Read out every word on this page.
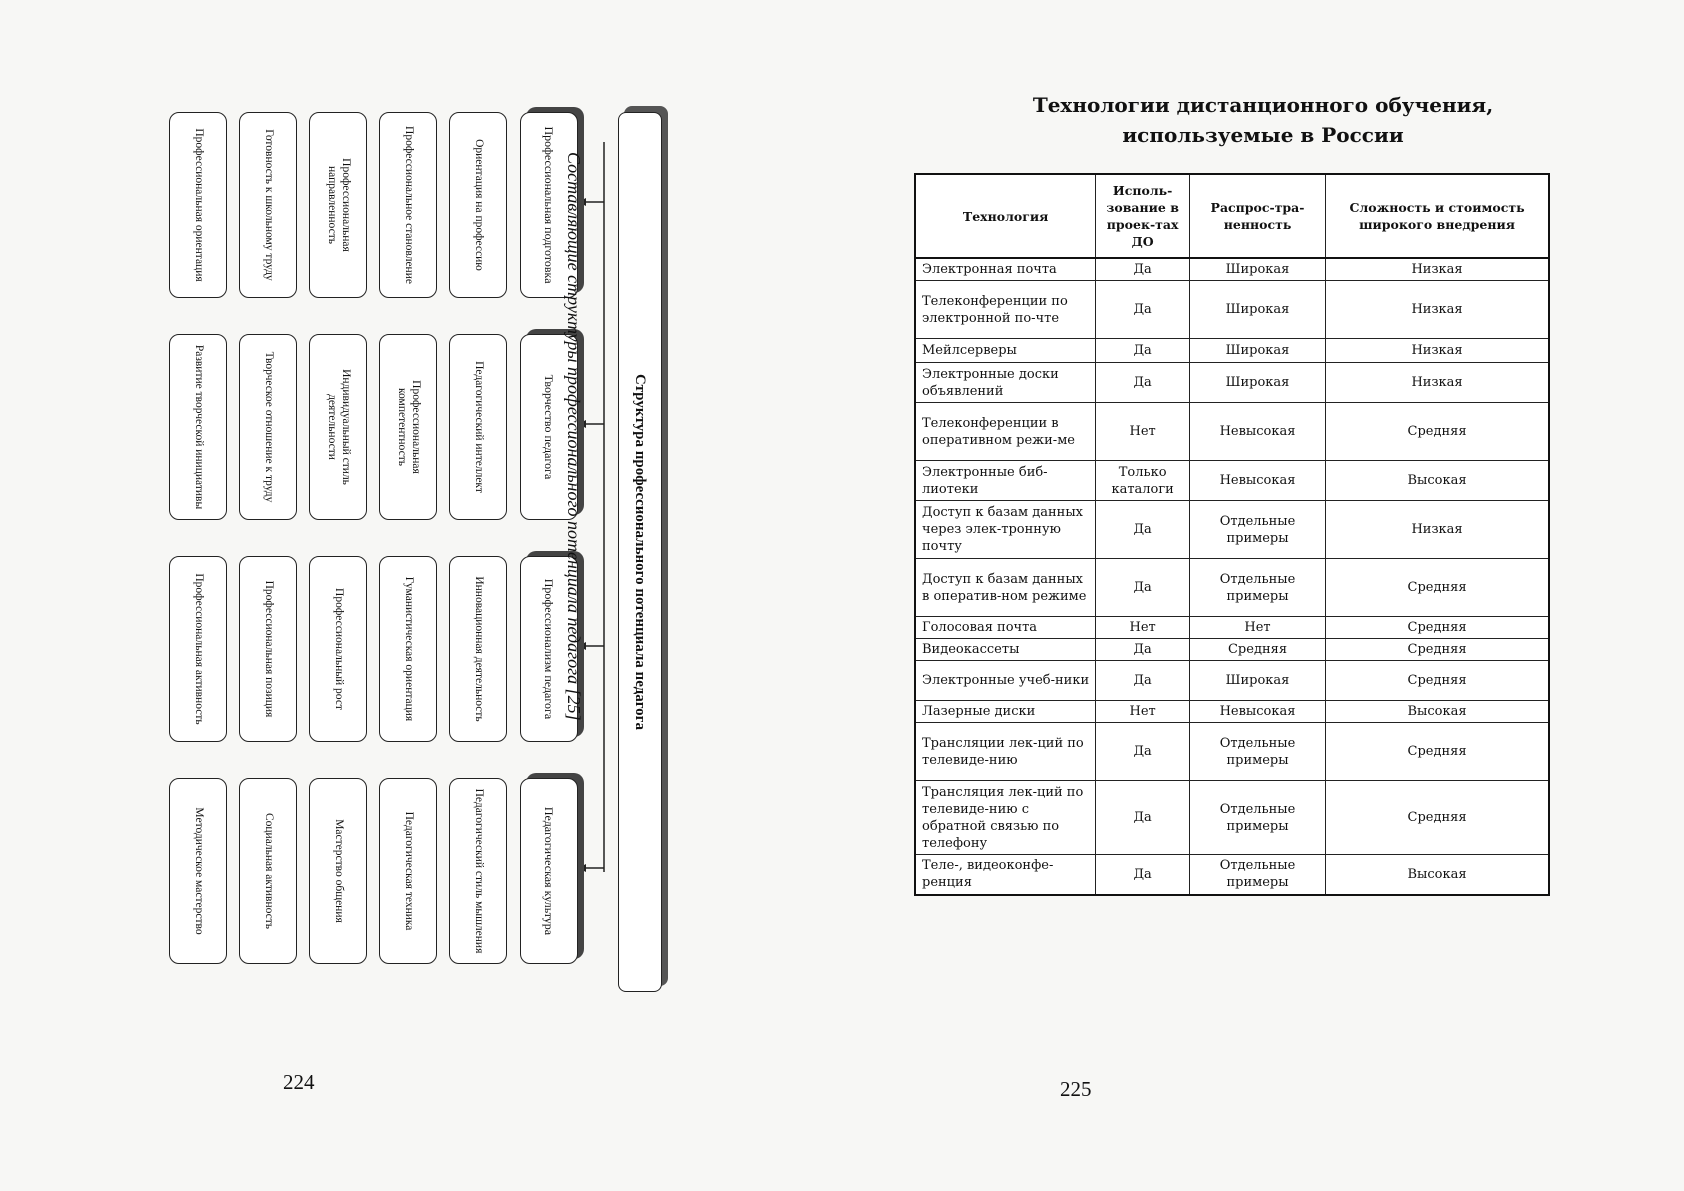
Структура профессионального потенциала педагога
Профессиональная подготовка
Ориентация на профессию
Профессиональное становление
Профессиональная направленность
Готовность к школьному труду
Профессиональная ориентация
Творчество педагога
Педагогический интеллект
Профессиональная компетентность
Индивидуальный стиль деятельности
Творческое отношение к труду
Развитие творческой инициативы
Профессионализм педагога
Инновационная деятельность
Гуманистическая ориентация
Профессиональный рост
Профессиональная позиция
Профессиональная активность
Педагогическая культура
Педагогический стиль мышления
Педагогическая техника
Мастерство общения
Социальная активность
Методическое мастерство
Составляющие структуры профессионального потенциала педагога [25]
224
Технологии дистанционного обучения,
используемые в России
Технология	Исполь-зование в проек-тах ДО	Распрос-тра-ненность	Сложность и стоимость широкого внедрения
Электронная почта	Да	Широкая	Низкая
Телеконференции по электронной по-чте	Да	Широкая	Низкая
Мейлсерверы	Да	Широкая	Низкая
Электронные доски объявлений	Да	Широкая	Низкая
Телеконференции в оперативном режи-ме	Нет	Невысокая	Средняя
Электронные биб-лиотеки	Только каталоги	Невысокая	Высокая
Доступ к базам данных через элек-тронную почту	Да	Отдельные примеры	Низкая
Доступ к базам данных в оператив-ном режиме	Да	Отдельные примеры	Средняя
Голосовая почта	Нет	Нет	Средняя
Видеокассеты	Да	Средняя	Средняя
Электронные учеб-ники	Да	Широкая	Средняя
Лазерные диски	Нет	Невысокая	Высокая
Трансляции лек-ций по телевиде-нию	Да	Отдельные примеры	Средняя
Трансляция лек-ций по телевиде-нию с обратной связью по телефону	Да	Отдельные примеры	Средняя
Теле-, видеоконфе-ренция	Да	Отдельные примеры	Высокая
225
